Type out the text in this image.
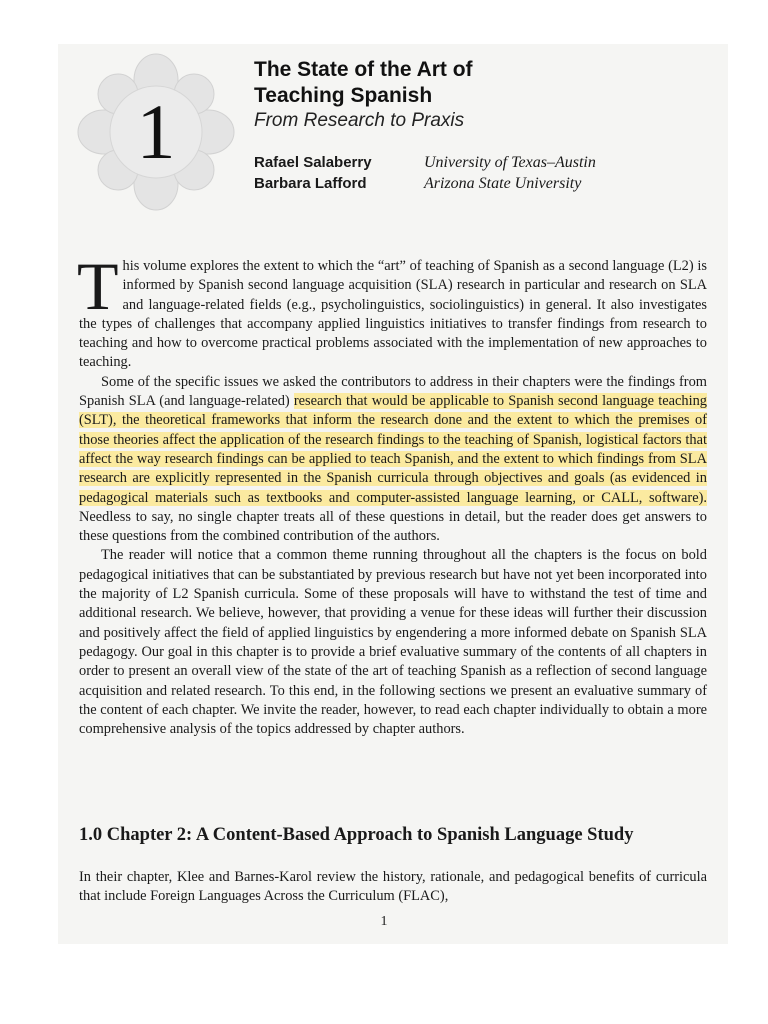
1
The State of the Art of
Teaching Spanish
From Research to Praxis
Rafael Salaberry	University of Texas–Austin
Barbara Lafford	Arizona State University

This volume explores the extent to which the “art” of teaching of Spanish as a second language (L2) is informed by Spanish second language acquisition (SLA) research in particular and research on SLA and language-related fields (e.g., psycholinguistics, sociolinguistics) in general. It also investigates the types of challenges that accompany applied linguistics initiatives to transfer findings from research to teaching and how to overcome practical problems associated with the implementation of new approaches to teaching.

Some of the specific issues we asked the contributors to address in their chapters were the findings from Spanish SLA (and language-related) research that would be applicable to Spanish second language teaching (SLT), the theoretical frameworks that inform the research done and the extent to which the premises of those theories affect the application of the research findings to the teaching of Spanish, logistical factors that affect the way research findings can be applied to teach Spanish, and the extent to which findings from SLA research are explicitly represented in the Spanish curricula through objectives and goals (as evidenced in pedagogical materials such as textbooks and computer-assisted language learning, or CALL, software). Needless to say, no single chapter treats all of these questions in detail, but the reader does get answers to these questions from the combined contribution of the authors.

The reader will notice that a common theme running throughout all the chapters is the focus on bold pedagogical initiatives that can be substantiated by previous research but have not yet been incorporated into the majority of L2 Spanish curricula. Some of these proposals will have to withstand the test of time and additional research. We believe, however, that providing a venue for these ideas will further their discussion and positively affect the field of applied linguistics by engendering a more informed debate on Spanish SLA pedagogy. Our goal in this chapter is to provide a brief evaluative summary of the contents of all chapters in order to present an overall view of the state of the art of teaching Spanish as a reflection of second language acquisition and related research. To this end, in the following sections we present an evaluative summary of the content of each chapter. We invite the reader, however, to read each chapter individually to obtain a more comprehensive analysis of the topics addressed by chapter authors.

1.0 Chapter 2: A Content-Based Approach to Spanish Language Study
In their chapter, Klee and Barnes-Karol review the history, rationale, and pedagogical benefits of curricula that include Foreign Languages Across the Curriculum (FLAC),
1
